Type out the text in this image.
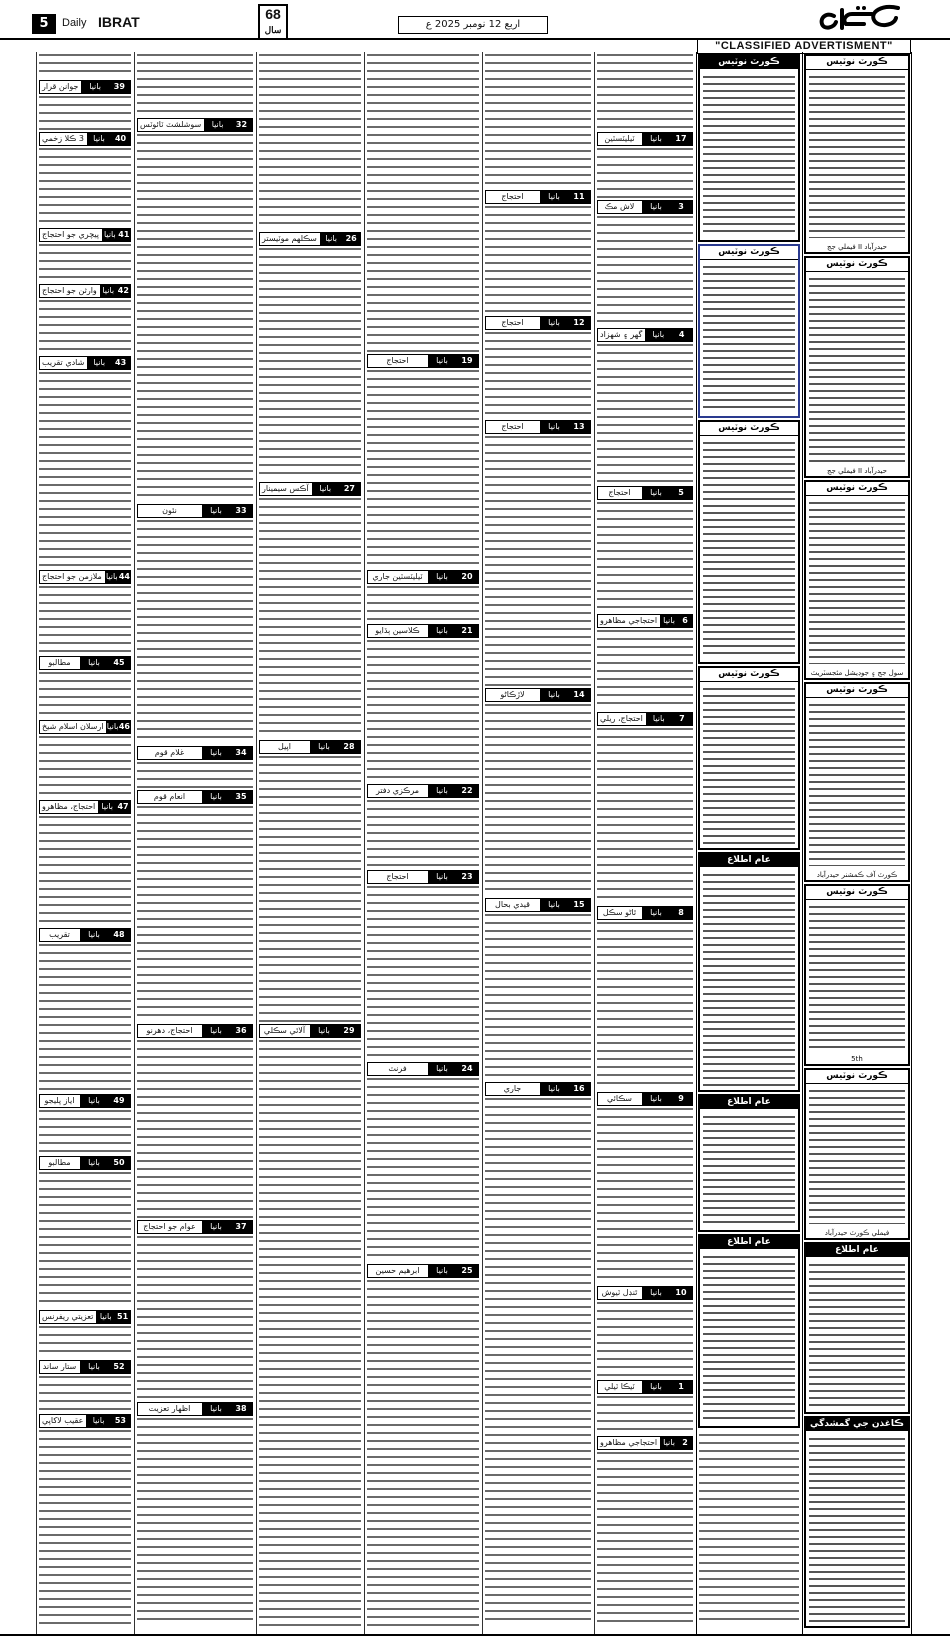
5	Daily IBRAT	68
سال	اربع 12 نومبر 2025 ع
"CLASSIFIED ADVERTISMENT"
39
بانيا
جوانن قرار
40
بانيا
3 ڪلا زخمي
41
بانيا
پيچري جو احتجاج
42
بانيا
وارثن جو احتجاج
43
بانيا
شادي تقريب
44
بانيا
ملازمن جو احتجاج
45
بانيا
مطالبو
46
بانيا
ارسلان اسلام شيخ
47
بانيا
احتجاج، مظاهرو
48
بانيا
تقريب
49
بانيا
اياز پليجو
50
بانيا
مطالبو
51
بانيا
تعزيتي ريفرنس
52
بانيا
ستار ساند
53
بانيا
عقيب لاکاپي
32
بانيا
سوشلشٽ ٽائوٽس
33
بانيا
نئون
34
بانيا
غلام قوم
35
بانيا
انعام قوم
36
بانيا
احتجاج، دھرنو
37
بانيا
عوام جو احتجاج
38
بانيا
اظهار تعزيت
26
بانيا
سڪلهم موٽيستر
27
بانيا
آڪس سيمينار
28
بانيا
اپيل
29
بانيا
آلائي سڪلي
19
بانيا
احتجاج
20
بانيا
ٽيليٽسٽين جاري
21
بانيا
ڪلاسين ٻڌايو
22
بانيا
مرڪزي دفتر
23
بانيا
احتجاج
24
بانيا
فرنٽ
25
بانيا
ابرهيم حسين
11
بانيا
احتجاج
12
بانيا
احتجاج
13
بانيا
احتجاج
14
بانيا
لاڙڪاڻو
15
بانيا
قيدي بحال
16
بانيا
جاري
17
بانيا
ٽيليٽسٽين
3
بانيا
لاش مڪ
4
بانيا
گھر ۽ شهزاد
5
بانيا
احتجاج
6
بانيا
احتجاجي مظاهرو
7
بانيا
احتجاج، ريلي
8
بانيا
ٿاڻو سڪل
9
بانيا
سڪائي
10
بانيا
ٿنڊل ٽيوش
1
بانيا
ٽيڪا ٽيلي
2
بانيا
احتجاجي مظاهرو
ڪورٽ نوٽيس
ڪورٽ نوٽيس
ڪورٽ نوٽيس
ڪورٽ نوٽيس
عام اطلاع
عام اطلاع
عام اطلاع
ڪورٽ نوٽيس
فيملي جج II حيدرآباد
ڪورٽ نوٽيس
فيملي جج II حيدرآباد
ڪورٽ نوٽيس
سول جج ۽ جوڊيشل مئجسٽريٽ
ڪورٽ نوٽيس
ڪورٽ آف ڪمشنر حيدرآباد
ڪورٽ نوٽيس
5th
ڪورٽ نوٽيس
فيملي ڪورٽ حيدرآباد
عام اطلاع
ڪاغذن جي گمشدگي
